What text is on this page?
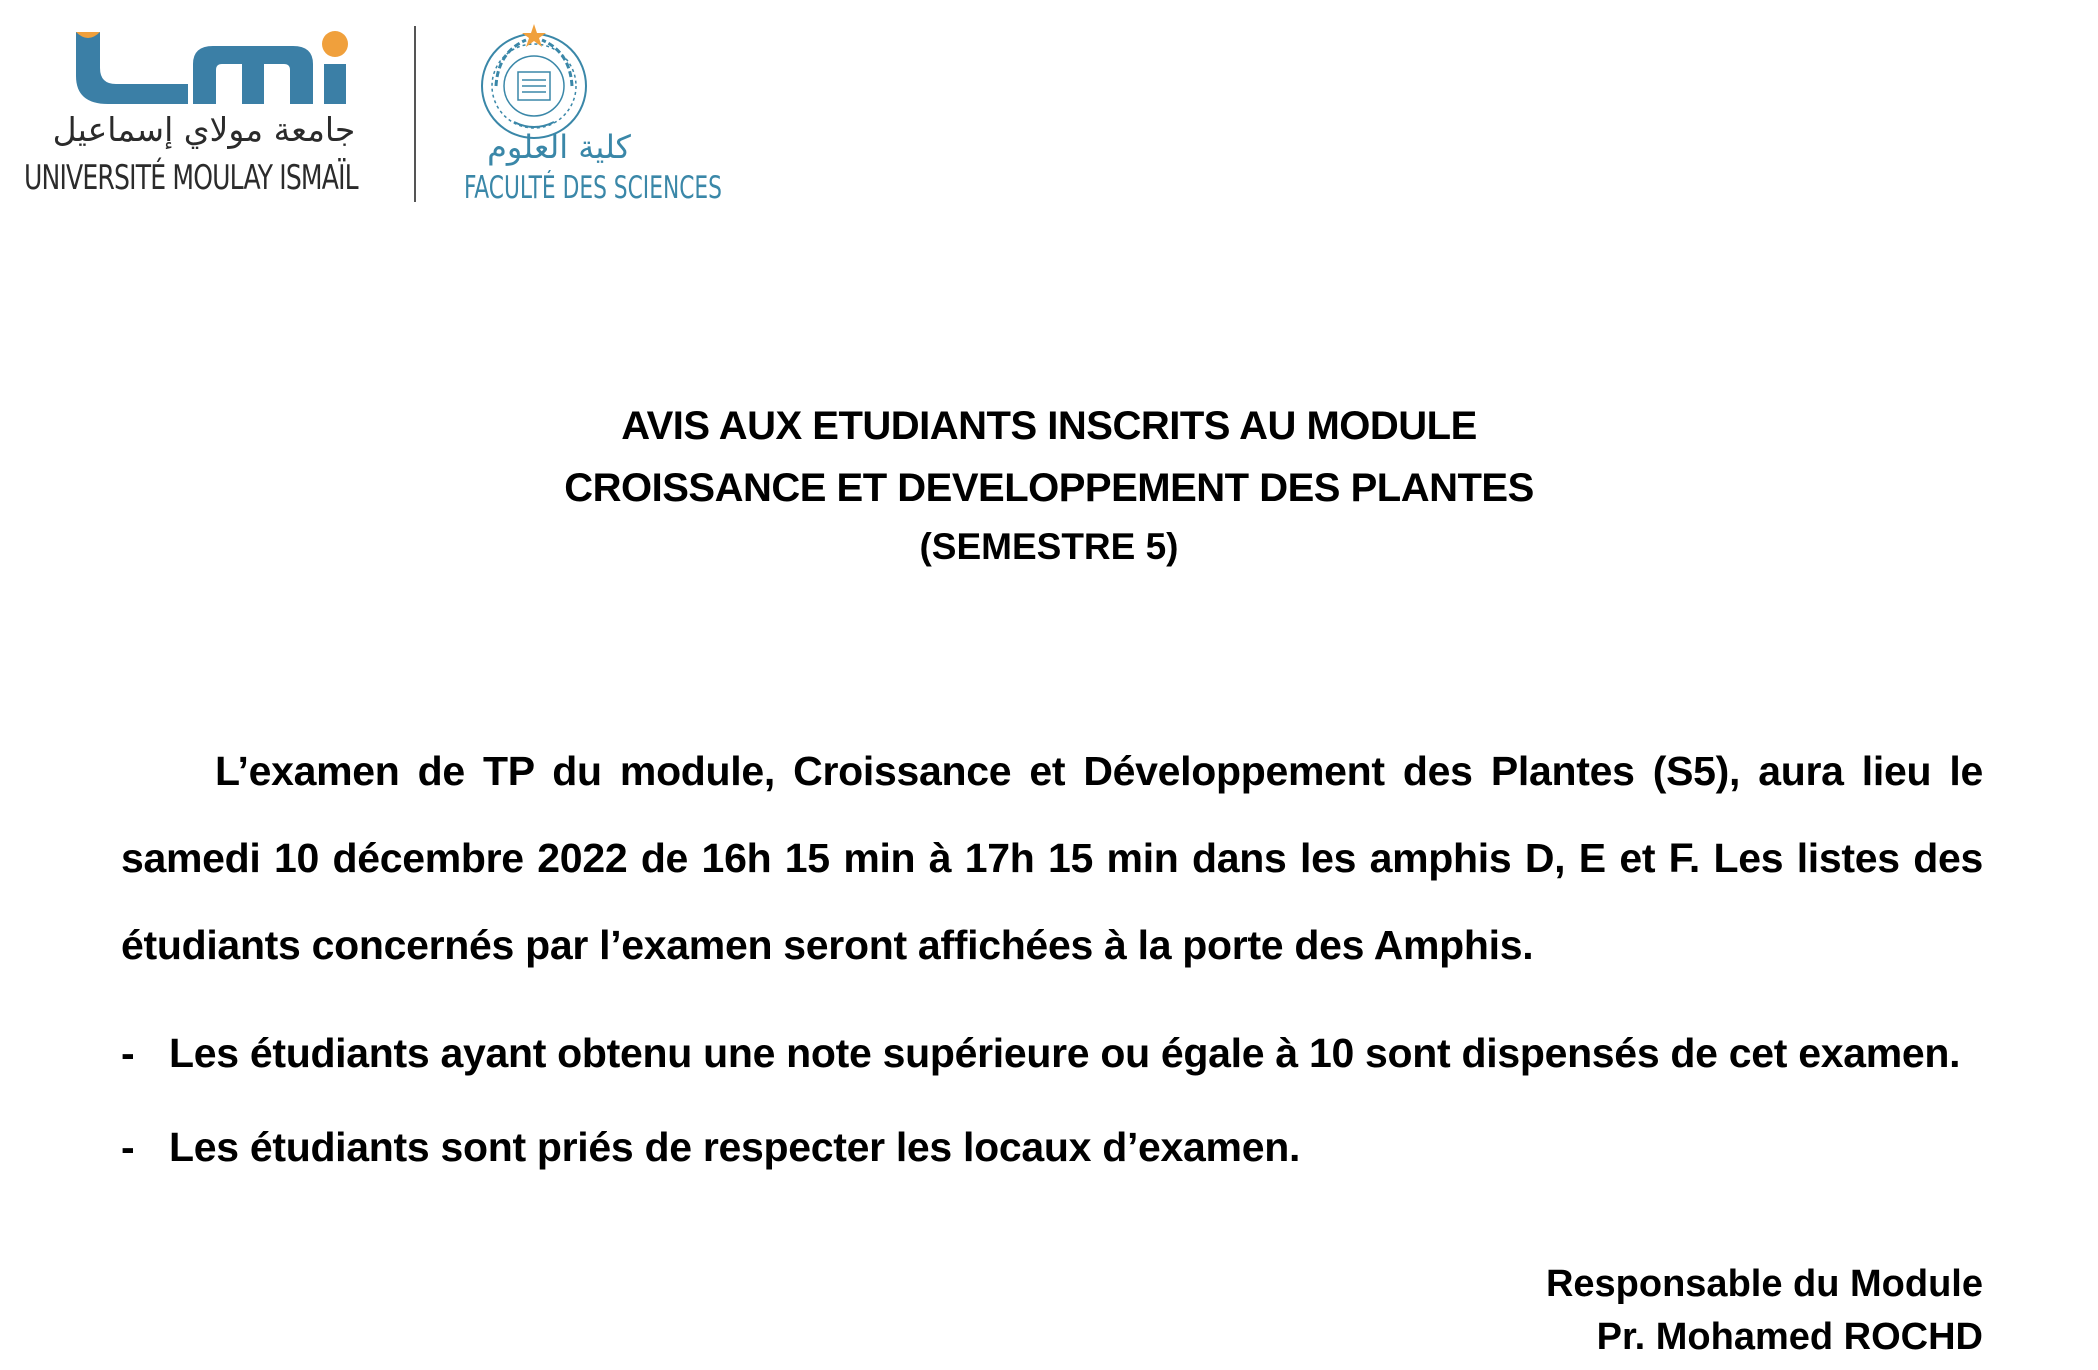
جامعة مولاي إسماعيل
UNIVERSITÉ MOULAY ISMAÏL
كلية العلوم
FACULTÉ DES SCIENCES
AVIS AUX ETUDIANTS INSCRITS AU MODULE
CROISSANCE ET DEVELOPPEMENT DES PLANTES
(SEMESTRE 5)
L’examen de TP du module, Croissance et Développement des Plantes (S5), aura lieu le samedi 10 décembre 2022 de 16h 15 min à 17h 15 min dans les amphis D, E et F. Les listes des étudiants concernés par l’examen seront affichées à la porte des Amphis.
- Les étudiants ayant obtenu une note supérieure ou égale à 10 sont dispensés de cet examen.
- Les étudiants sont priés de respecter les locaux d’examen.
Responsable du Module
Pr. Mohamed ROCHD
